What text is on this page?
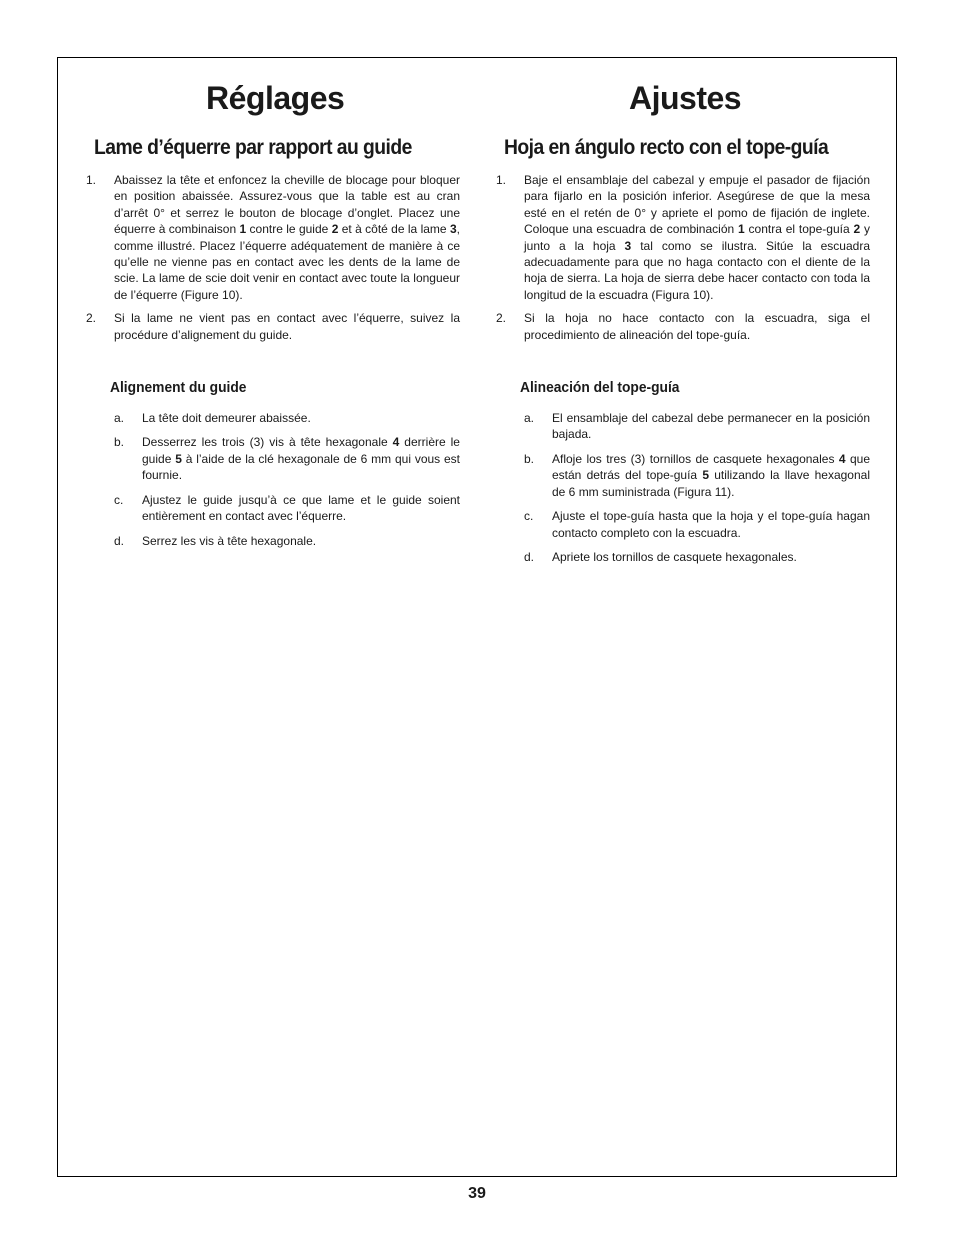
Réglages
Lame d’équerre par rapport au guide
1.	Abaissez la tête et enfoncez la cheville de blocage pour bloquer en position abaissée. Assurez-vous que la table est au cran d’arrêt 0° et serrez le bouton de blocage d’onglet. Placez une équerre à combinaison 1 contre le guide 2 et à côté de la lame 3, comme illustré. Placez l’équerre adéquatement de manière à ce qu’elle ne vienne pas en contact avec les dents de la lame de scie. La lame de scie doit venir en contact avec toute la longueur de l’équerre (Figure 10).
2.	Si la lame ne vient pas en contact avec l’équerre, suivez la procédure d’alignement du guide.
Alignement du guide
a.	La tête doit demeurer abaissée.
b.	Desserrez les trois (3) vis à tête hexagonale 4 derrière le guide 5 à l’aide de la clé hexagonale de 6 mm qui vous est fournie.
c.	Ajustez le guide jusqu’à ce que lame et le guide soient entièrement en contact avec l’équerre.
d.	Serrez les vis à tête hexagonale.
Ajustes
Hoja en ángulo recto con el tope-guía
1.	Baje el ensamblaje del cabezal y empuje el pasador de fijación para fijarlo en la posición inferior. Asegúrese de que la mesa esté en el retén de 0° y apriete el pomo de fijación de inglete. Coloque una escuadra de combinación 1 contra el tope-guía 2 y junto a la hoja 3 tal como se ilustra. Sitúe la escuadra adecuadamente para que no haga contacto con el diente de la hoja de sierra. La hoja de sierra debe hacer contacto con toda la longitud de la escuadra (Figura 10).
2.	Si la hoja no hace contacto con la escuadra, siga el procedimiento de alineación del tope-guía.
Alineación del tope-guía
a.	El ensamblaje del cabezal debe permanecer en la posición bajada.
b.	Afloje los tres (3) tornillos de casquete hexagonales 4 que están detrás del tope-guía 5 utilizando la llave hexagonal de 6 mm suministrada (Figura 11).
c.	Ajuste el tope-guía hasta que la hoja y el tope-guía hagan contacto completo con la escuadra.
d.	Apriete los tornillos de casquete hexagonales.
39
